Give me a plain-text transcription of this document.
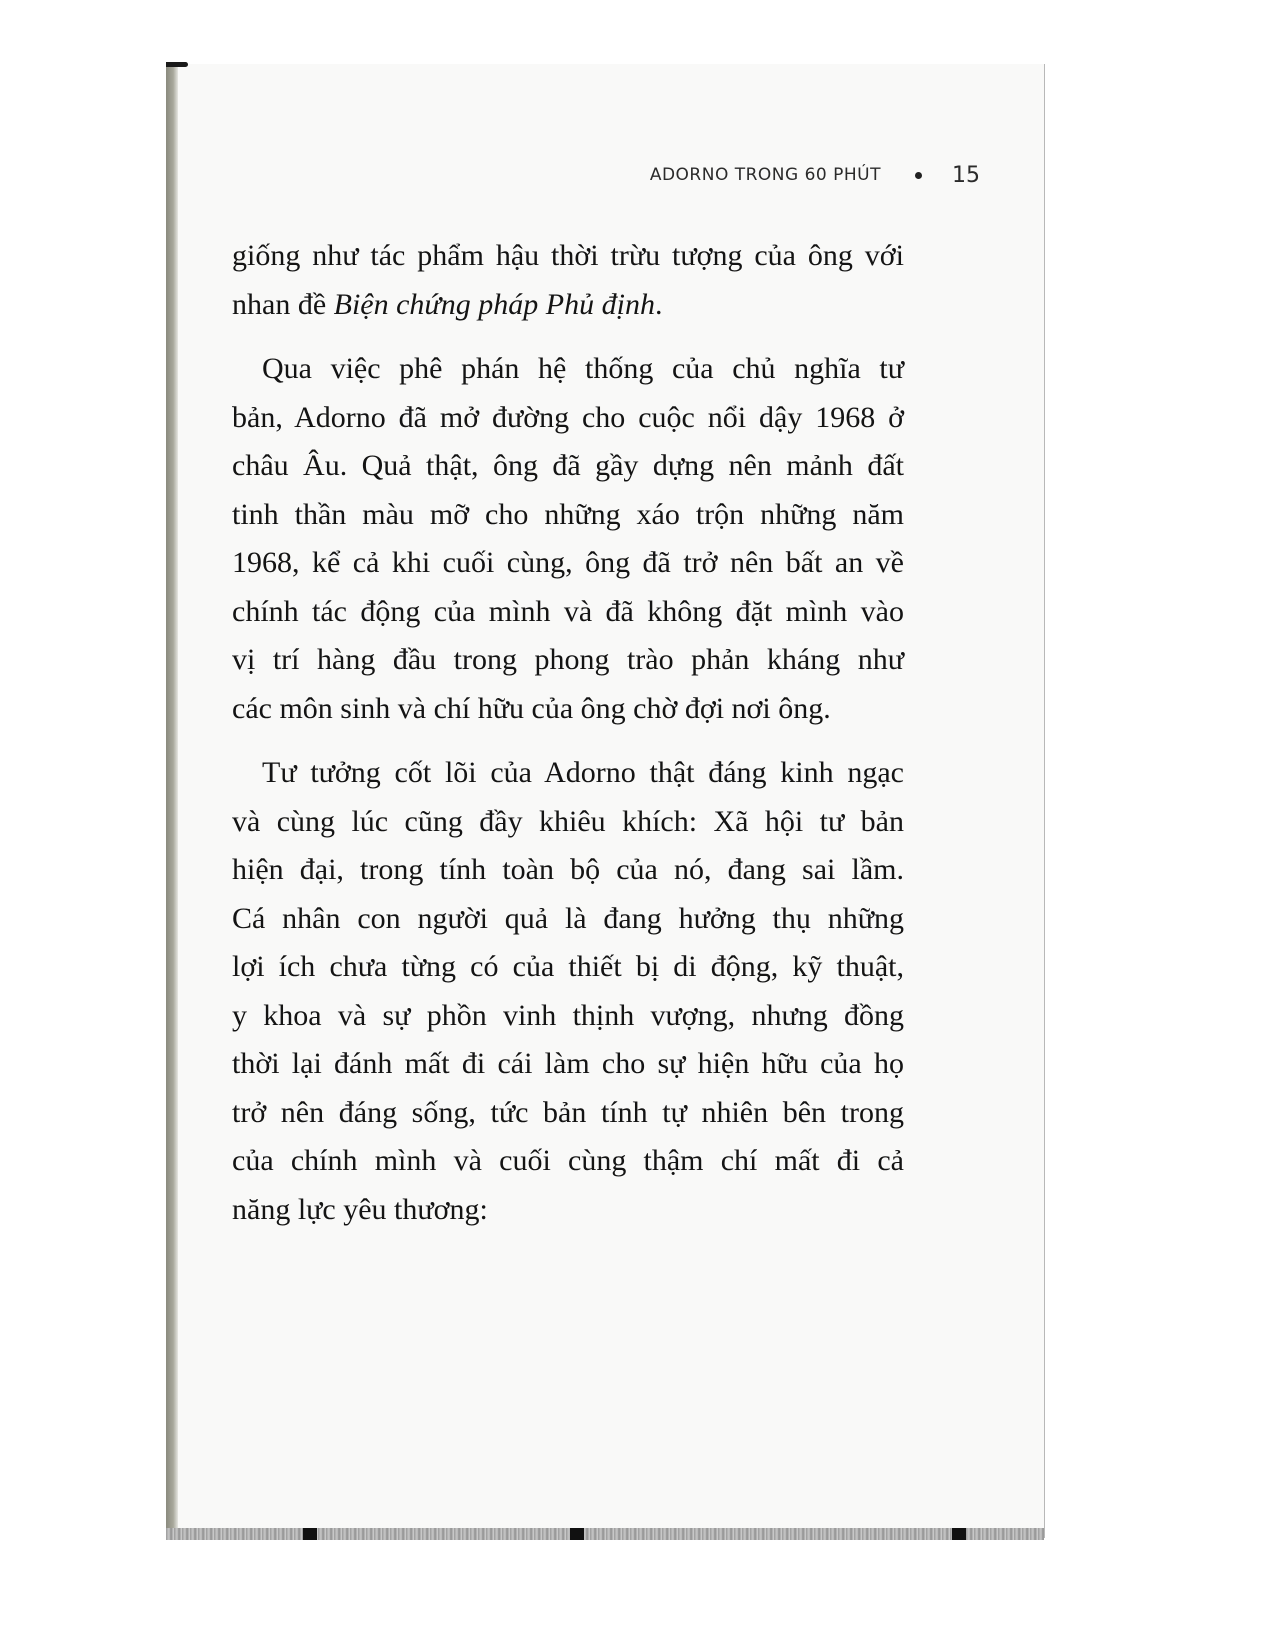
ADORNO TRONG 60 PHÚT	15

giống như tác phẩm hậu thời trừu tượng của ông với
nhan đề Biện chứng pháp Phủ định.

Qua việc phê phán hệ thống của chủ nghĩa tư
bản, Adorno đã mở đường cho cuộc nổi dậy 1968 ở
châu Âu. Quả thật, ông đã gầy dựng nên mảnh đất
tinh thần màu mỡ cho những xáo trộn những năm
1968, kể cả khi cuối cùng, ông đã trở nên bất an về
chính tác động của mình và đã không đặt mình vào
vị trí hàng đầu trong phong trào phản kháng như
các môn sinh và chí hữu của ông chờ đợi nơi ông.

Tư tưởng cốt lõi của Adorno thật đáng kinh ngạc
và cùng lúc cũng đầy khiêu khích: Xã hội tư bản
hiện đại, trong tính toàn bộ của nó, đang sai lầm.
Cá nhân con người quả là đang hưởng thụ những
lợi ích chưa từng có của thiết bị di động, kỹ thuật,
y khoa và sự phồn vinh thịnh vượng, nhưng đồng
thời lại đánh mất đi cái làm cho sự hiện hữu của họ
trở nên đáng sống, tức bản tính tự nhiên bên trong
của chính mình và cuối cùng thậm chí mất đi cả
năng lực yêu thương:
